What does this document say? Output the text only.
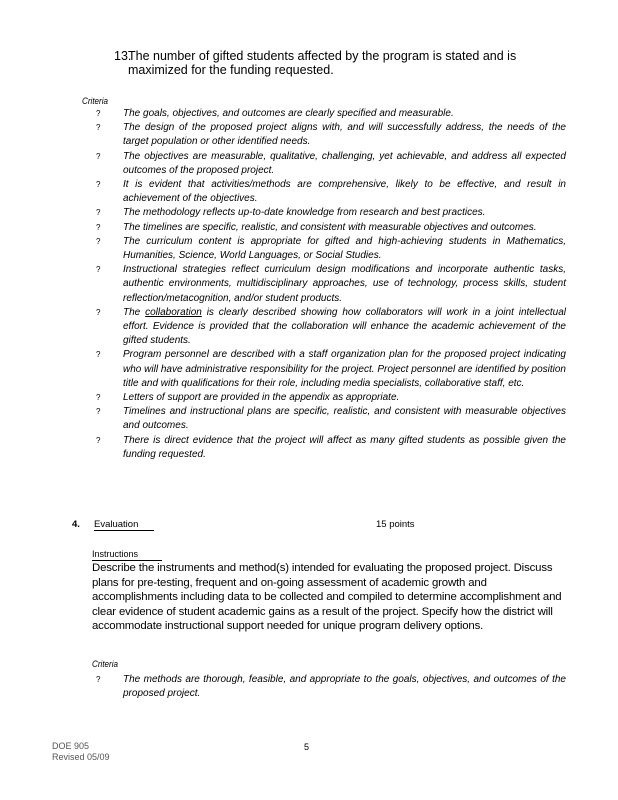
13.
The number of gifted students affected by the program is stated and is maximized for the funding requested.
Criteria
? The goals, objectives, and outcomes are clearly specified and measurable.
? The design of the proposed project aligns with, and will successfully address, the needs of the target population or other identified needs.
? The objectives are measurable, qualitative, challenging, yet achievable, and address all expected outcomes of the proposed project.
? It is evident that activities/methods are comprehensive, likely to be effective, and result in achievement of the objectives.
? The methodology reflects up-to-date knowledge from research and best practices.
? The timelines are specific, realistic, and consistent with measurable objectives and outcomes.
? The curriculum content is appropriate for gifted and high-achieving students in Mathematics, Humanities, Science, World Languages, or Social Studies.
? Instructional strategies reflect curriculum design modifications and incorporate authentic tasks, authentic environments, multidisciplinary approaches, use of technology, process skills, student reflection/metacognition, and/or student products.
? The collaboration is clearly described showing how collaborators will work in a joint intellectual effort. Evidence is provided that the collaboration will enhance the academic achievement of the gifted students.
? Program personnel are described with a staff organization plan for the proposed project indicating who will have administrative responsibility for the project. Project personnel are identified by position title and with qualifications for their role, including media specialists, collaborative staff, etc.
? Letters of support are provided in the appendix as appropriate.
? Timelines and instructional plans are specific, realistic, and consistent with measurable objectives and outcomes.
? There is direct evidence that the project will affect as many gifted students as possible given the funding requested.
4. Evaluation	15 points
Instructions
Describe the instruments and method(s) intended for evaluating the proposed project. Discuss plans for pre-testing, frequent and on-going assessment of academic growth and accomplishments including data to be collected and compiled to determine accomplishment and clear evidence of student academic gains as a result of the project. Specify how the district will accommodate instructional support needed for unique program delivery options.
Criteria
? The methods are thorough, feasible, and appropriate to the goals, objectives, and outcomes of the proposed project.
DOE 905
Revised 05/09
5
